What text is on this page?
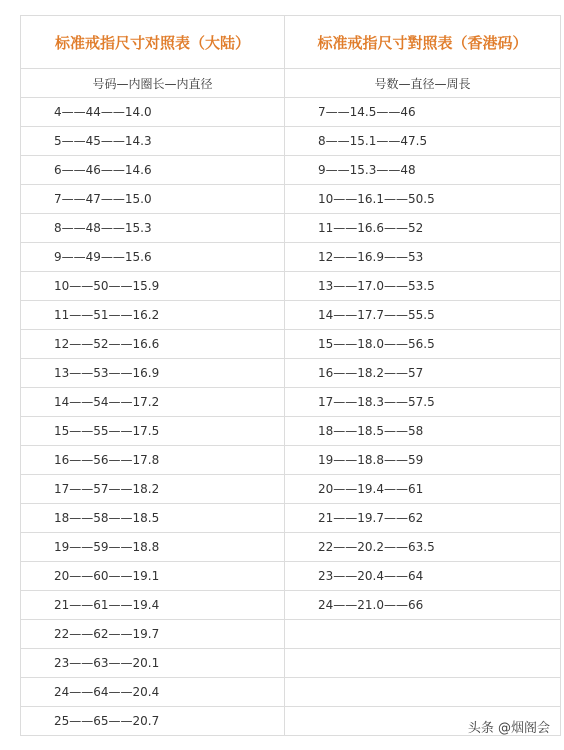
标准戒指尺寸对照表（大陆）	标准戒指尺寸對照表（香港码）
号码—内圈长—内直径	号数—直径—周長
4——44——14.0	7——14.5——46
5——45——14.3	8——15.1——47.5
6——46——14.6	9——15.3——48
7——47——15.0	10——16.1——50.5
8——48——15.3	11——16.6——52
9——49——15.6	12——16.9——53
10——50——15.9	13——17.0——53.5
11——51——16.2	14——17.7——55.5
12——52——16.6	15——18.0——56.5
13——53——16.9	16——18.2——57
14——54——17.2	17——18.3——57.5
15——55——17.5	18——18.5——58
16——56——17.8	19——18.8——59
17——57——18.2	20——19.4——61
18——58——18.5	21——19.7——62
19——59——18.8	22——20.2——63.5
20——60——19.1	23——20.4——64
21——61——19.4	24——21.0——66
22——62——19.7	
23——63——20.1	
24——64——20.4	
25——65——20.7		头条 @烟阁会
